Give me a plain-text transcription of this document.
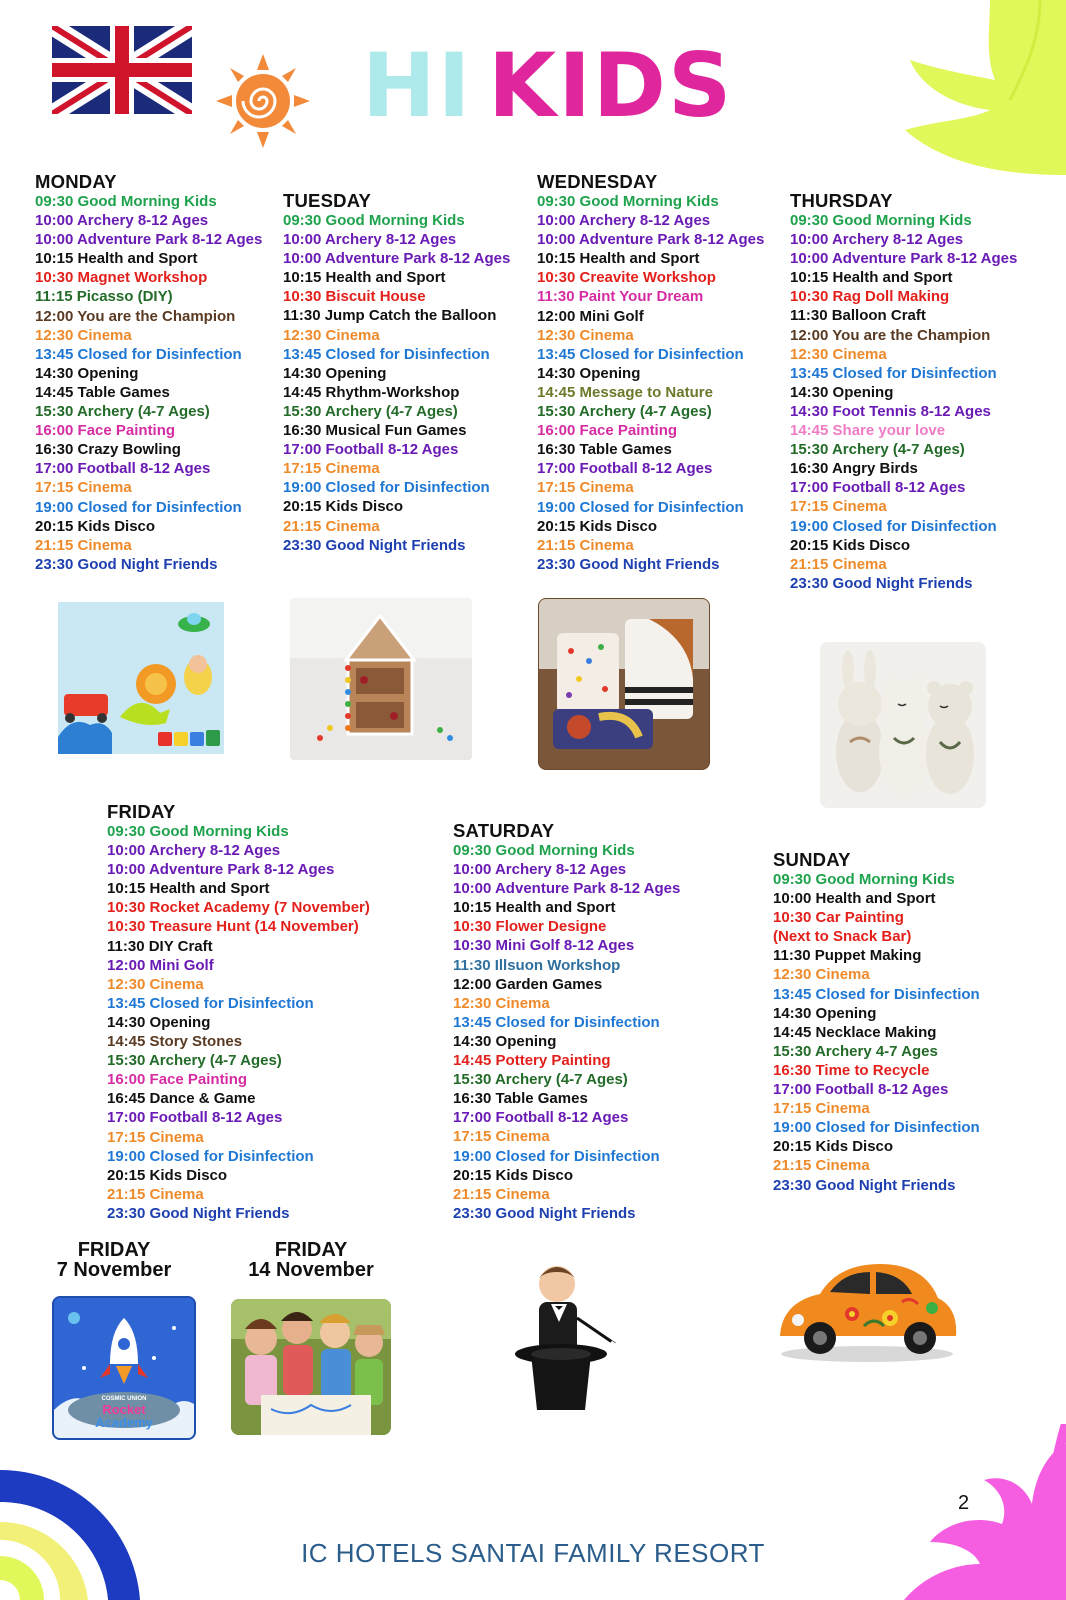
HI KIDS
MONDAY
09:30 Good Morning Kids
10:00 Archery 8-12 Ages
10:00 Adventure Park 8-12 Ages
10:15 Health and Sport
10:30 Magnet Workshop
11:15 Picasso (DIY)
12:00 You are the Champion
12:30 Cinema
13:45 Closed for Disinfection
14:30 Opening
14:45 Table Games
15:30 Archery (4-7 Ages)
16:00 Face Painting
16:30 Crazy Bowling
17:00 Football 8-12 Ages
17:15 Cinema
19:00 Closed for Disinfection
20:15 Kids Disco
21:15 Cinema
23:30 Good Night Friends
TUESDAY
09:30 Good Morning Kids
10:00 Archery 8-12 Ages
10:00 Adventure Park 8-12 Ages
10:15 Health and Sport
10:30 Biscuit House
11:30 Jump Catch the Balloon
12:30 Cinema
13:45 Closed for Disinfection
14:30 Opening
14:45 Rhythm-Workshop
15:30 Archery (4-7 Ages)
16:30 Musical Fun Games
17:00 Football 8-12 Ages
17:15 Cinema
19:00 Closed for Disinfection
20:15 Kids Disco
21:15 Cinema
23:30 Good Night Friends
WEDNESDAY
09:30 Good Morning Kids
10:00 Archery 8-12 Ages
10:00 Adventure Park 8-12 Ages
10:15 Health and Sport
10:30 Creavite Workshop
11:30 Paint Your Dream
12:00 Mini Golf
12:30 Cinema
13:45 Closed for Disinfection
14:30 Opening
14:45 Message to Nature
15:30 Archery (4-7 Ages)
16:00 Face Painting
16:30 Table Games
17:00 Football 8-12 Ages
17:15 Cinema
19:00 Closed for Disinfection
20:15 Kids Disco
21:15 Cinema
23:30 Good Night Friends
THURSDAY
09:30 Good Morning Kids
10:00 Archery 8-12 Ages
10:00 Adventure Park 8-12 Ages
10:15 Health and Sport
10:30 Rag Doll Making
11:30 Balloon Craft
12:00 You are the Champion
12:30 Cinema
13:45 Closed for Disinfection
14:30 Opening
14:30 Foot Tennis 8-12 Ages
14:45 Share your love
15:30 Archery (4-7 Ages)
16:30 Angry Birds
17:00 Football 8-12 Ages
17:15 Cinema
19:00 Closed for Disinfection
20:15 Kids Disco
21:15 Cinema
23:30 Good Night Friends
FRIDAY
09:30 Good Morning Kids
10:00 Archery 8-12 Ages
10:00 Adventure Park 8-12 Ages
10:15 Health and Sport
10:30 Rocket Academy (7 November)
10:30 Treasure Hunt (14 November)
11:30 DIY Craft
12:00 Mini Golf
12:30 Cinema
13:45 Closed for Disinfection
14:30 Opening
14:45 Story Stones
15:30 Archery (4-7 Ages)
16:00 Face Painting
16:45 Dance & Game
17:00 Football 8-12 Ages
17:15 Cinema
19:00 Closed for Disinfection
20:15 Kids Disco
21:15 Cinema
23:30 Good Night Friends
SATURDAY
09:30 Good Morning Kids
10:00 Archery 8-12 Ages
10:00 Adventure Park 8-12 Ages
10:15 Health and Sport
10:30 Flower Designe
10:30 Mini Golf 8-12 Ages
11:30 Illsuon Workshop
12:00 Garden Games
12:30 Cinema
13:45 Closed for Disinfection
14:30 Opening
14:45 Pottery Painting
15:30 Archery (4-7 Ages)
16:30 Table Games
17:00 Football 8-12 Ages
17:15 Cinema
19:00 Closed for Disinfection
20:15 Kids Disco
21:15 Cinema
23:30 Good Night Friends
SUNDAY
09:30 Good Morning Kids
10:00 Health and Sport
10:30 Car Painting
(Next to Snack Bar)
11:30 Puppet Making
12:30 Cinema
13:45 Closed for Disinfection
14:30 Opening
14:45 Necklace Making
15:30 Archery 4-7 Ages
16:30 Time to Recycle
17:00 Football 8-12 Ages
17:15 Cinema
19:00 Closed for Disinfection
20:15 Kids Disco
21:15 Cinema
23:30 Good Night Friends
FRIDAY
7 November
FRIDAY
14 November
COSMIC UNION
Rocket
Academy
2
IC HOTELS SANTAI FAMILY RESORT
